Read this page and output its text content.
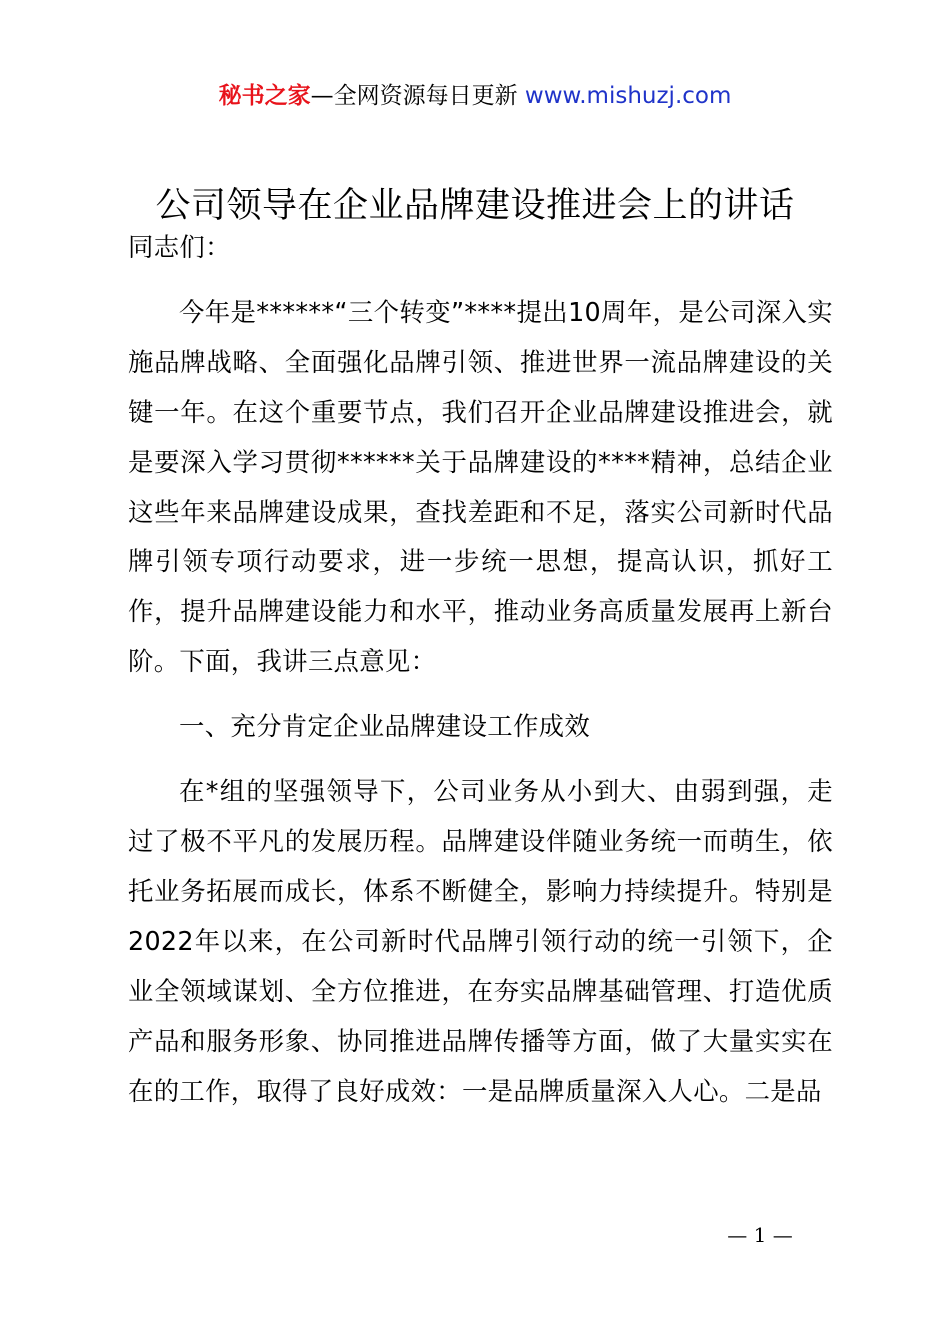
秘书之家—全网资源每日更新 www.mishuzj.com
公司领导在企业品牌建设推进会上的讲话

同志们：

今年是******“三个转变”****提出10周年，是公司深入实施品牌战略、全面强化品牌引领、推进世界一流品牌建设的关键一年。在这个重要节点，我们召开企业品牌建设推进会，就是要深入学习贯彻******关于品牌建设的****精神，总结企业这些年来品牌建设成果，查找差距和不足，落实公司新时代品牌引领专项行动要求，进一步统一思想，提高认识，抓好工作，提升品牌建设能力和水平，推动业务高质量发展再上新台阶。下面，我讲三点意见：

一、充分肯定企业品牌建设工作成效

在*组的坚强领导下，公司业务从小到大、由弱到强，走过了极不平凡的发展历程。品牌建设伴随业务统一而萌生，依托业务拓展而成长，体系不断健全，影响力持续提升。特别是2022年以来，在公司新时代品牌引领行动的统一引领下，企业全领域谋划、全方位推进，在夯实品牌基础管理、打造优质产品和服务形象、协同推进品牌传播等方面，做了大量实实在在的工作，取得了良好成效：一是品牌质量深入人心。二是品

— 1 —
